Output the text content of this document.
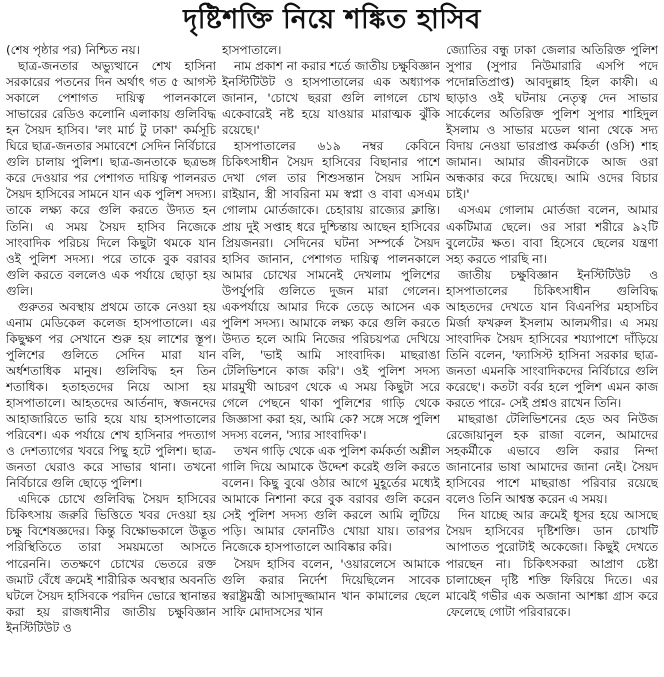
দৃষ্টিশক্তি নিয়ে শঙ্কিত হাসিব

(শেষ পৃষ্ঠার পর) নিশ্চিত নয়।

ছাত্র-জনতার অভ্যুত্থানে শেখ হাসিনা সরকারের পতনের দিন অর্থাৎ গত ৫ আগস্ট সকালে পেশাগত দায়িত্ব পালনকালে সাভারের রেডিও কলোনি এলাকায় গুলিবিদ্ধ হন সৈয়দ হাসিব। 'লং মার্চ টু ঢাকা' কর্মসূচি ঘিরে ছাত্র-জনতার সমাবেশে সেদিন নির্বিচারে গুলি চালায় পুলিশ। ছাত্র-জনতাকে ছত্রভঙ্গ করে দেওয়ার পর পেশাগত দায়িত্ব পালনরত সৈয়দ হাসিবের সামনে যান এক পুলিশ সদস্য। তাকে লক্ষ্য করে গুলি করতে উদ্যত হন তিনি। এ সময় সৈয়দ হাসিব নিজেকে সাংবাদিক পরিচয় দিলে কিছুটা থমকে যান ওই পুলিশ সদস্য। পরে তাকে বুক বরাবর গুলি করতে বললেও এক পর্যায়ে ছোড়া হয় গুলি।

গুরুতর অবস্থায় প্রথমে তাকে নেওয়া হয় এনাম মেডিকেল কলেজ হাসপাতালে। এর কিছুক্ষণ পর সেখানে শুরু হয় লাশের স্তূপ। পুলিশের গুলিতে সেদিন মারা যান অর্ধশতাধিক মানুষ। গুলিবিদ্ধ হন তিন শতাধিক। হতাহতদের নিয়ে আসা হয় হাসপাতালে। আহতদের আর্তনাদ, স্বজনদের আহাজারিতে ভারি হয়ে যায় হাসপাতালের পরিবেশ। এক পর্যায়ে শেখ হাসিনার পদত্যাগ ও দেশত্যাগের খবরে পিছু হটে পুলিশ। ছাত্র-জনতা ঘেরাও করে সাভার থানা। তখনো নির্বিচারে গুলি ছোড়ে পুলিশ।

এদিকে চোখে গুলিবিদ্ধ সৈয়দ হাসিবের চিকিৎসায় জরুরি ভিত্তিতে খবর দেওয়া হয় চক্ষু বিশেষজ্ঞদের। কিন্তু বিক্ষোভকালে উদ্ভূত পরিস্থিতিতে তারা সময়মতো আসতে পারেননি। ততক্ষণে চোখের ভেতরে রক্ত জমাট বেঁধে ক্রমেই শারীরিক অবস্থার অবনতি ঘটলে সৈয়দ হাসিবকে পরদিন ভোরে স্থানান্তর করা হয় রাজধানীর জাতীয় চক্ষুবিজ্ঞান ইনস্টিটিউট ও

হাসপাতালে।

নাম প্রকাশ না করার শর্তে জাতীয় চক্ষুবিজ্ঞান ইনস্টিটিউট ও হাসপাতালের এক অধ্যাপক জানান, 'চোখে ছররা গুলি লাগলে চোখ একেবারেই নষ্ট হয়ে যাওয়ার মারাত্মক ঝুঁকি রয়েছে।'

হাসপাতালের ৬১৯ নম্বর কেবিনে চিকিৎসাধীন সৈয়দ হাসিবের বিছানার পাশে দেখা গেল তার শিশুসন্তান সৈয়দ সামিন রাইয়ান, স্ত্রী সাবরিনা মম স্বপ্না ও বাবা এসএম গোলাম মোর্তজাকে। চেহারায় রাজ্যের ক্লান্তি। প্রায় দুই সপ্তাহ ধরে দুশ্চিন্তায় আছেন হাসিবের প্রিয়জনরা। সেদিনের ঘটনা সম্পর্কে সৈয়দ হাসিব জানান, পেশাগত দায়িত্ব পালনকালে আমার চোখের সামনেই দেখলাম পুলিশের উপর্যুপরি গুলিতে দুজন মারা গেলেন। একপর্যায়ে আমার দিকে তেড়ে আসেন এক পুলিশ সদস্য। আমাকে লক্ষ্য করে গুলি করতে উদ্যত হলে আমি নিজের পরিচয়পত্র দেখিয়ে বলি, 'ভাই আমি সাংবাদিক। মাছরাঙা টেলিভিশনে কাজ করি'। ওই পুলিশ সদস্য মারমুখী আচরণ থেকে এ সময় কিছুটা সরে গেলে পেছনে থাকা পুলিশের গাড়ি থেকে জিজ্ঞাসা করা হয়, আমি কে? সঙ্গে সঙ্গে পুলিশ সদস্য বলেন, 'স্যার সাংবাদিক'।

তখন গাড়ি থেকে এক পুলিশ কর্মকর্তা অশ্লীল গালি দিয়ে আমাকে উদ্দেশ করেই গুলি করতে বলেন। কিছু বুঝে ওঠার আগে মুহূর্তের মধ্যেই আমাকে নিশানা করে বুক বরাবর গুলি করেন সেই পুলিশ সদস্য গুলি করলে আমি লুটিয়ে পড়ি। আমার ফোনটিও খোয়া যায়। তারপর নিজেকে হাসপাতালে আবিষ্কার করি।

সৈয়দ হাসিব বলেন, 'ওয়ারলেসে আমাকে গুলি করার নির্দেশ দিয়েছিলেন সাবেক স্বরাষ্ট্রমন্ত্রী আসাদুজ্জামান খান কামালের ছেলে সাফি মোদাসসের খান

জ্যোতির বন্ধু ঢাকা জেলার অতিরিক্ত পুলিশ সুপার (সুপার নিউমারারি এসপি পদে পদোন্নতিপ্রাপ্ত) আবদুল্লাহ হিল কাফী। এ ছাড়াও ওই ঘটনায় নেতৃত্ব দেন সাভার সার্কেলের অতিরিক্ত পুলিশ সুপার শাহিদুল ইসলাম ও সাভার মডেল থানা থেকে সদ্য বিদায় নেওয়া ভারপ্রাপ্ত কর্মকর্তা (ওসি) শাহ জামান। আমার জীবনটাকে আজ ওরা অন্ধকার করে দিয়েছে। আমি ওদের বিচার চাই।'

এসএম গোলাম মোর্তজা বলেন, আমার একটিমাত্র ছেলে। ওর সারা শরীরে ৯২টি বুলেটের ক্ষত। বাবা হিসেবে ছেলের যন্ত্রণা সহ্য করতে পারছি না।

জাতীয় চক্ষুবিজ্ঞান ইনস্টিটিউট ও হাসপাতালের চিকিৎসাধীন গুলিবিদ্ধ আহতদের দেখতে যান বিএনপির মহাসচিব মির্জা ফখরুল ইসলাম আলমগীর। এ সময় সাংবাদিক সৈয়দ হাসিবের শয্যাপাশে দাঁড়িয়ে তিনি বলেন, 'ফ্যাসিস্ট হাসিনা সরকার ছাত্র-জনতা এমনকি সাংবাদিকদের নির্বিচারে গুলি করেছে'। কতটা বর্বর হলে পুলিশ এমন কাজ করতে পারে- সেই প্রশ্নও রাখেন তিনি।

মাছরাঙা টেলিভিশনের হেড অব নিউজ রেজোয়ানুল হক রাজা বলেন, আমাদের সহকর্মীকে এভাবে গুলি করার নিন্দা জানানোর ভাষা আমাদের জানা নেই। সৈয়দ হাসিবের পাশে মাছরাঙা পরিবার রয়েছে বলেও তিনি আশ্বস্ত করেন এ সময়।

দিন যাচ্ছে আর ক্রমেই ধূসর হয়ে আসছে সৈয়দ হাসিবের দৃষ্টিশক্তি। ডান চোখটি আপাতত পুরোটাই অকেজো। কিছুই দেখতে পারছেন না। চিকিৎসকরা আপ্রাণ চেষ্টা চালাচ্ছেন দৃষ্টি শক্তি ফিরিয়ে দিতে। এর মাঝেই গভীর এক অজানা আশঙ্কা গ্রাস করে ফেলেছে গোটা পরিবারকে।
